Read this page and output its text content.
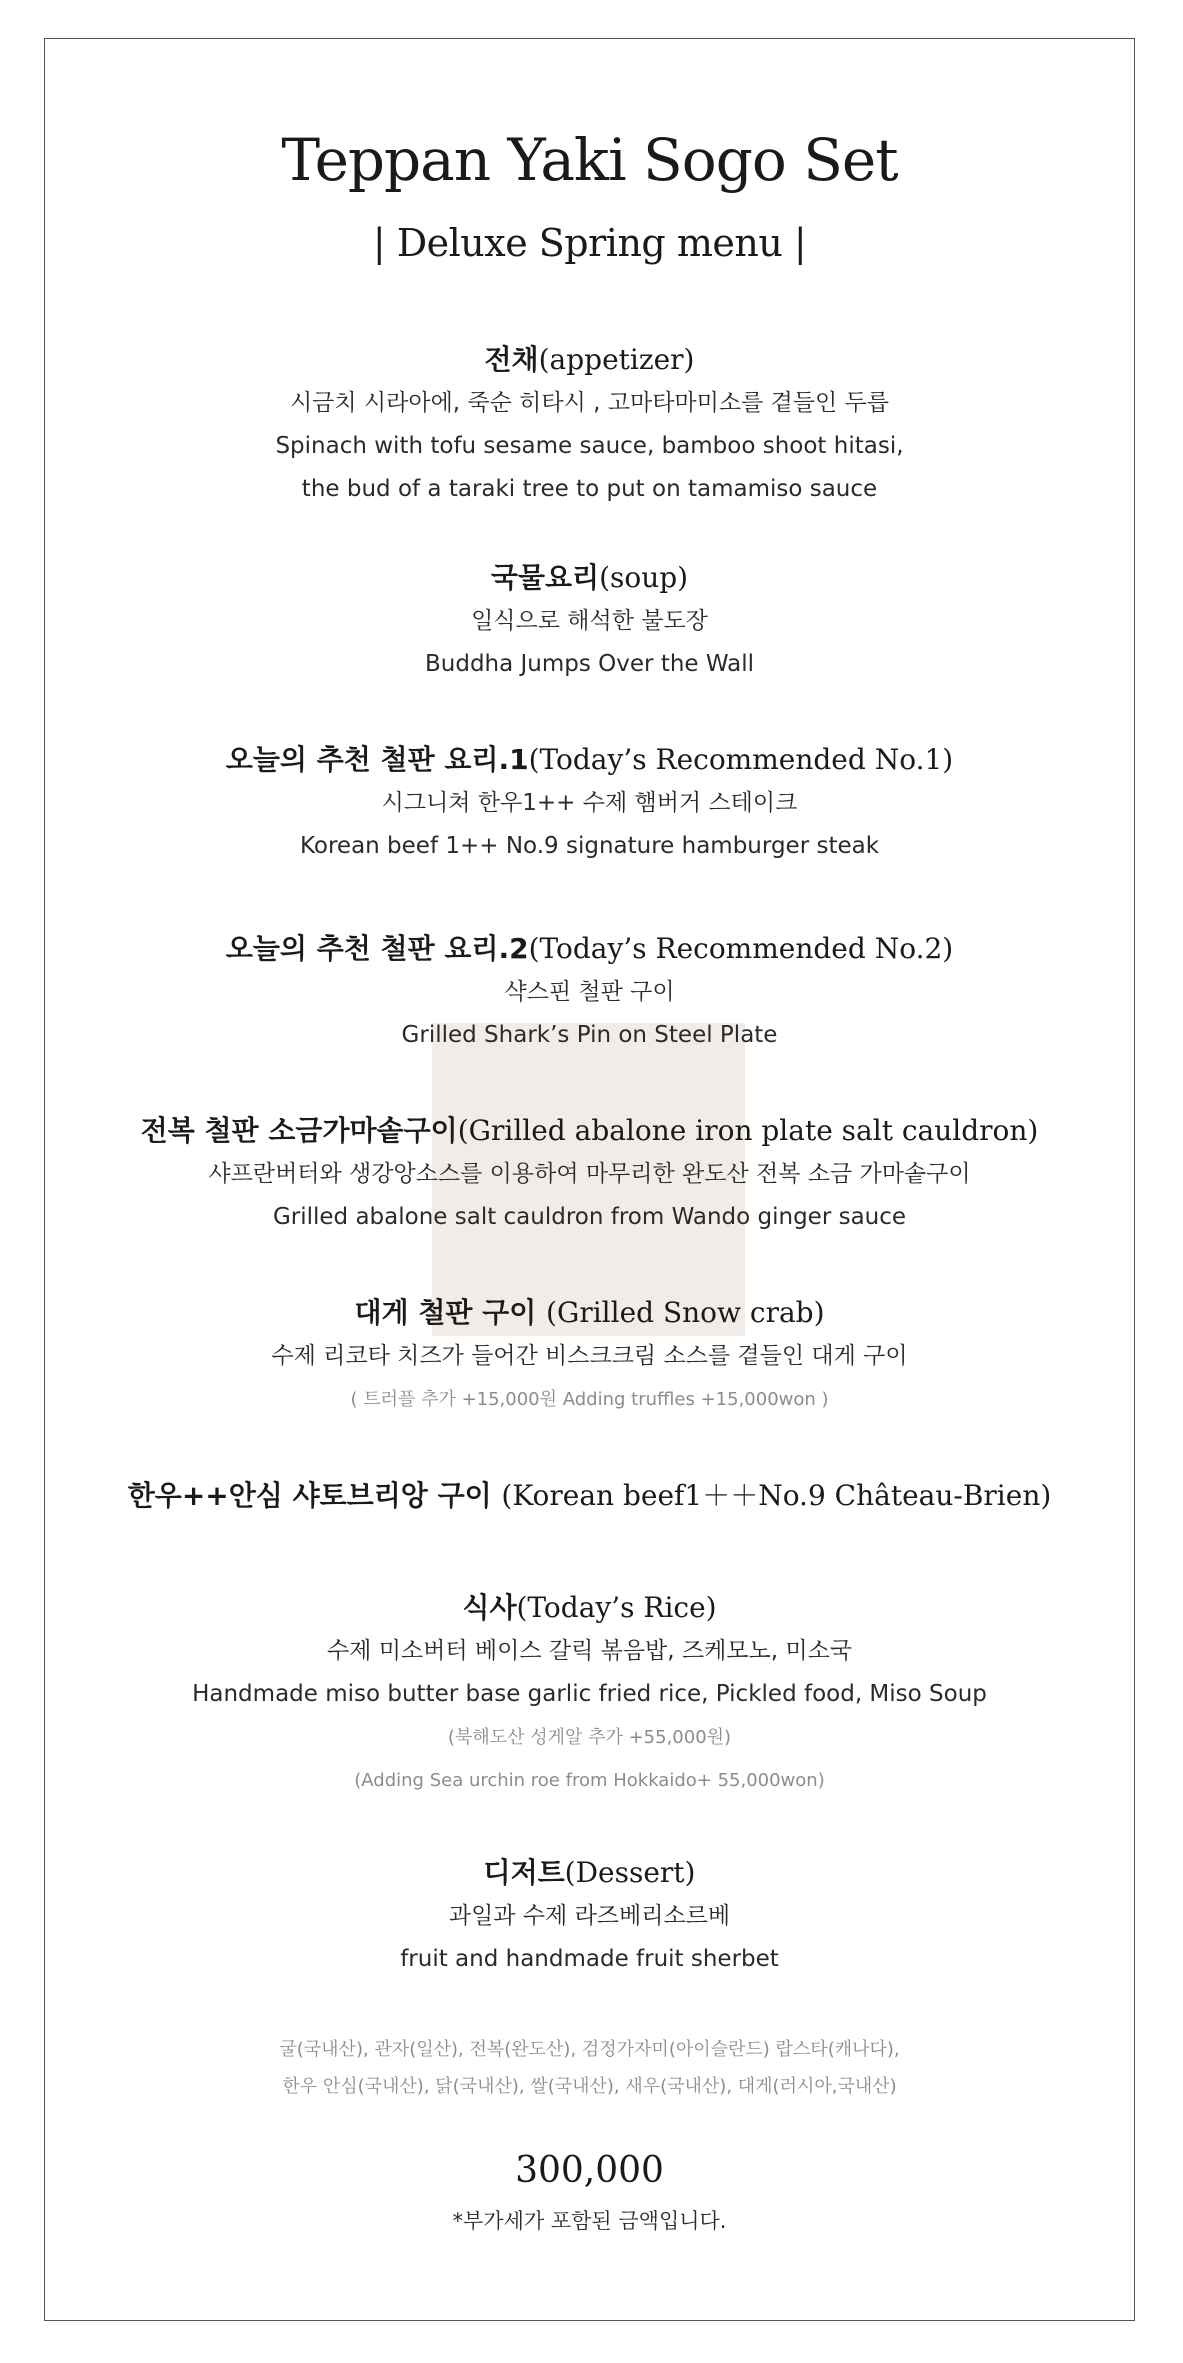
Teppan Yaki Sogo Set
| Deluxe Spring menu |
전채(appetizer)
시금치 시라아에, 죽순 히타시 , 고마타마미소를 곁들인 두릅
Spinach with tofu sesame sauce, bamboo shoot hitasi,
the bud of a taraki tree to put on tamamiso sauce
국물요리(soup)
일식으로 해석한 불도장
Buddha Jumps Over the Wall
오늘의 추천 철판 요리.1(Today’s Recommended No.1)
시그니쳐 한우1++ 수제 햄버거 스테이크
Korean beef 1++ No.9 signature hamburger steak
오늘의 추천 철판 요리.2(Today’s Recommended No.2)
샥스핀 철판 구이
Grilled Shark’s Pin on Steel Plate
전복 철판 소금가마솥구이(Grilled abalone iron plate salt cauldron)
샤프란버터와 생강앙소스를 이용하여 마무리한 완도산 전복 소금 가마솥구이
Grilled abalone salt cauldron from Wando ginger sauce
대게 철판 구이 (Grilled Snow crab)
수제 리코타 치즈가 들어간 비스크크림 소스를 곁들인 대게 구이
( 트러플 추가 +15,000원 Adding truffles +15,000won )
한우++안심 샤토브리앙 구이 (Korean beef1＋＋No.9 Château-Brien)
식사(Today’s Rice)
수제 미소버터 베이스 갈릭 볶음밥, 즈케모노, 미소국
Handmade miso butter base garlic fried rice, Pickled food, Miso Soup
(북해도산 성게알 추가 +55,000원)
(Adding Sea urchin roe from Hokkaido+ 55,000won)
디저트(Dessert)
과일과 수제 라즈베리소르베
fruit and handmade fruit sherbet
굴(국내산), 관자(일산), 전복(완도산), 검정가자미(아이슬란드) 랍스타(캐나다),
한우 안심(국내산), 닭(국내산), 쌀(국내산), 새우(국내산), 대게(러시아,국내산)
300,000
*부가세가 포함된 금액입니다.
